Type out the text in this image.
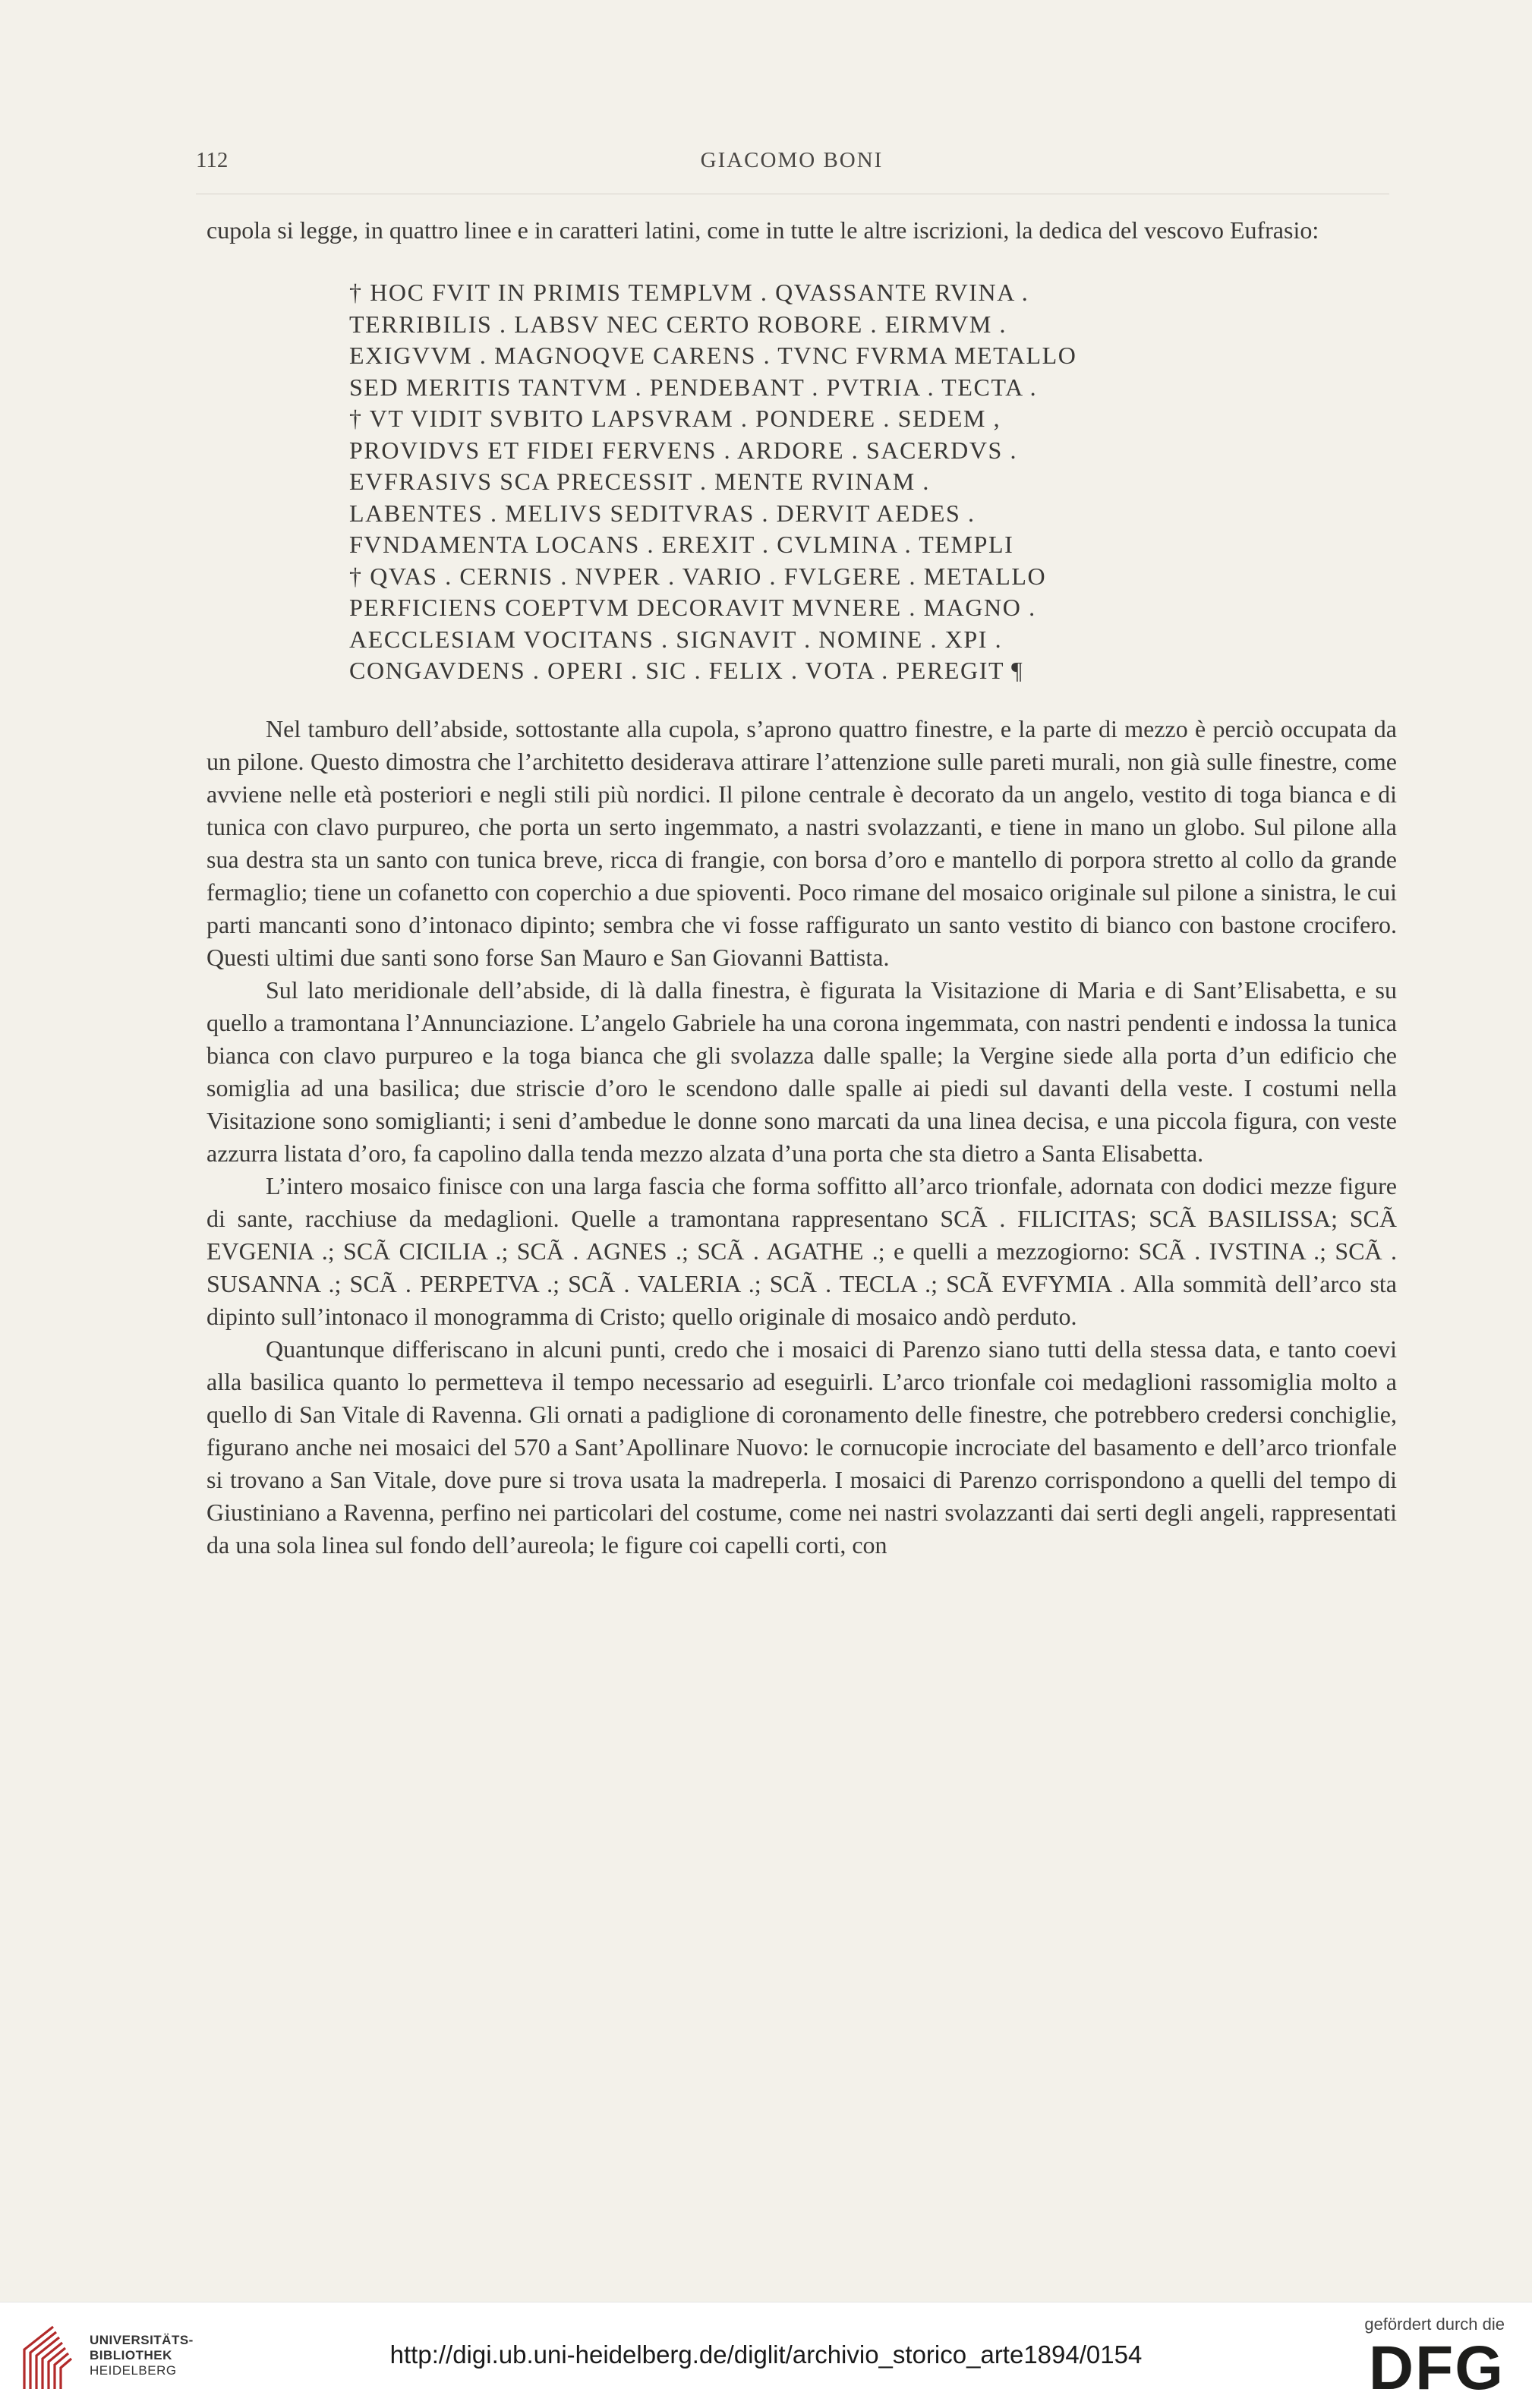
112	GIACOMO BONI

cupola si legge, in quattro linee e in caratteri latini, come in tutte le altre iscrizioni, la dedica del vescovo Eufrasio:

† HOC FVIT IN PRIMIS TEMPLVM . QVASSANTE RVINA .
TERRIBILIS . LABSV NEC CERTO ROBORE . EIRMVM .
EXIGVVM . MAGNOQVE CARENS . TVNC FVRMA METALLO
SED MERITIS TANTVM . PENDEBANT . PVTRIA . TECTA .
† VT VIDIT SVBITO LAPSVRAM . PONDERE . SEDEM ,
PROVIDVS ET FIDEI FERVENS . ARDORE . SACERDVS .
EVFRASIVS SCA PRECESSIT . MENTE RVINAM .
LABENTES . MELIVS SEDITVRAS . DERVIT AEDES .
FVNDAMENTA LOCANS . EREXIT . CVLMINA . TEMPLI
† QVAS . CERNIS . NVPER . VARIO . FVLGERE . METALLO
PERFICIENS COEPTVM DECORAVIT MVNERE . MAGNO .
AECCLESIAM VOCITANS . SIGNAVIT . NOMINE . XPI .
CONGAVDENS . OPERI . SIC . FELIX . VOTA . PEREGIT ¶

Nel tamburo dell’abside, sottostante alla cupola, s’aprono quattro finestre, e la parte di mezzo è perciò occupata da un pilone. Questo dimostra che l’architetto desiderava attirare l’attenzione sulle pareti murali, non già sulle finestre, come avviene nelle età posteriori e negli stili più nordici. Il pilone centrale è decorato da un angelo, vestito di toga bianca e di tunica con clavo purpureo, che porta un serto ingemmato, a nastri svolazzanti, e tiene in mano un globo. Sul pilone alla sua destra sta un santo con tunica breve, ricca di frangie, con borsa d’oro e mantello di porpora stretto al collo da grande fermaglio; tiene un cofanetto con coperchio a due spioventi. Poco rimane del mosaico originale sul pilone a sinistra, le cui parti mancanti sono d’intonaco dipinto; sembra che vi fosse raffigurato un santo vestito di bianco con bastone crocifero. Questi ultimi due santi sono forse San Mauro e San Giovanni Battista.

Sul lato meridionale dell’abside, di là dalla finestra, è figurata la Visitazione di Maria e di Sant’Elisabetta, e su quello a tramontana l’Annunciazione. L’angelo Gabriele ha una corona ingemmata, con nastri pendenti e indossa la tunica bianca con clavo purpureo e la toga bianca che gli svolazza dalle spalle; la Vergine siede alla porta d’un edificio che somiglia ad una basilica; due striscie d’oro le scendono dalle spalle ai piedi sul davanti della veste. I costumi nella Visitazione sono somiglianti; i seni d’ambedue le donne sono marcati da una linea decisa, e una piccola figura, con veste azzurra listata d’oro, fa capolino dalla tenda mezzo alzata d’una porta che sta dietro a Santa Elisabetta.

L’intero mosaico finisce con una larga fascia che forma soffitto all’arco trionfale, adornata con dodici mezze figure di sante, racchiuse da medaglioni. Quelle a tramontana rappresentano SCÃ . FILICITAS; SCÃ BASILISSA; SCÃ EVGENIA .; SCÃ CICILIA .; SCÃ . AGNES .; SCÃ . AGATHE .; e quelli a mezzogiorno: SCÃ . IVSTINA .; SCÃ . SUSANNA .; SCÃ . PERPETVA .; SCÃ . VALERIA .; SCÃ . TECLA .; SCÃ EVFYMIA . Alla sommità dell’arco sta dipinto sull’intonaco il monogramma di Cristo; quello originale di mosaico andò perduto.

Quantunque differiscano in alcuni punti, credo che i mosaici di Parenzo siano tutti della stessa data, e tanto coevi alla basilica quanto lo permetteva il tempo necessario ad eseguirli. L’arco trionfale coi medaglioni rassomiglia molto a quello di San Vitale di Ravenna. Gli ornati a padiglione di coronamento delle finestre, che potrebbero credersi conchiglie, figurano anche nei mosaici del 570 a Sant’Apollinare Nuovo: le cornucopie incrociate del basamento e dell’arco trionfale si trovano a San Vitale, dove pure si trova usata la madreperla. I mosaici di Parenzo corrispondono a quelli del tempo di Giustiniano a Ravenna, perfino nei particolari del costume, come nei nastri svolazzanti dai serti degli angeli, rappresentati da una sola linea sul fondo dell’aureola; le figure coi capelli corti, con

UNIVERSITÄTS-
BIBLIOTHEK
HEIDELBERG
http://digi.ub.uni-heidelberg.de/diglit/archivio_storico_arte1894/0154
gefördert durch die
DFG
